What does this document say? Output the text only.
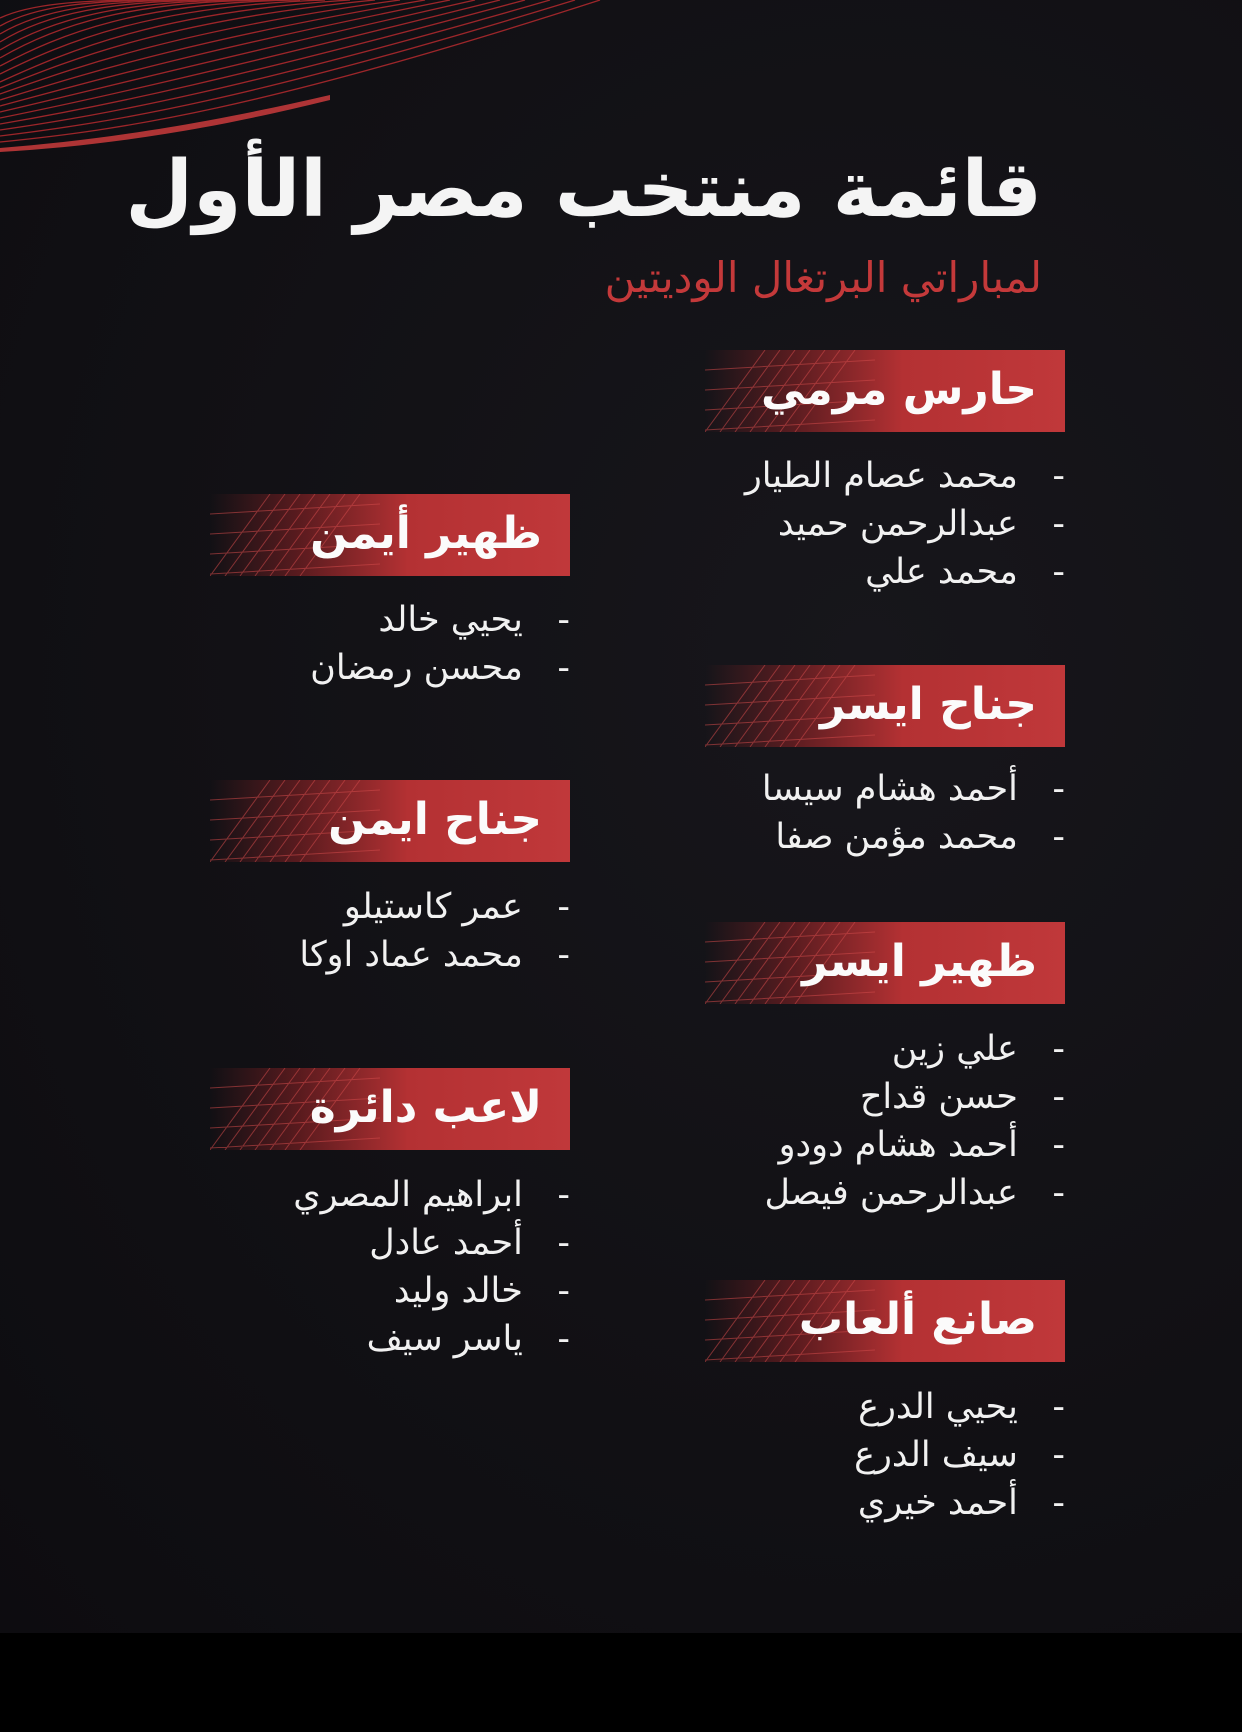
قائمة منتخب مصر الأول
لمباراتي البرتغال الوديتين
حارس مرمي
- محمد عصام الطيار
- عبدالرحمن حميد
- محمد علي
جناح ايسر
- أحمد هشام سيسا
- محمد مؤمن صفا
ظهير ايسر
- علي زين
- حسن قداح
- أحمد هشام دودو
- عبدالرحمن فيصل
صانع ألعاب
- يحيي الدرع
- سيف الدرع
- أحمد خيري
ظهير أيمن
- يحيي خالد
- محسن رمضان
جناح ايمن
- عمر كاستيلو
- محمد عماد اوكا
لاعب دائرة
- ابراهيم المصري
- أحمد عادل
- خالد وليد
- ياسر سيف
